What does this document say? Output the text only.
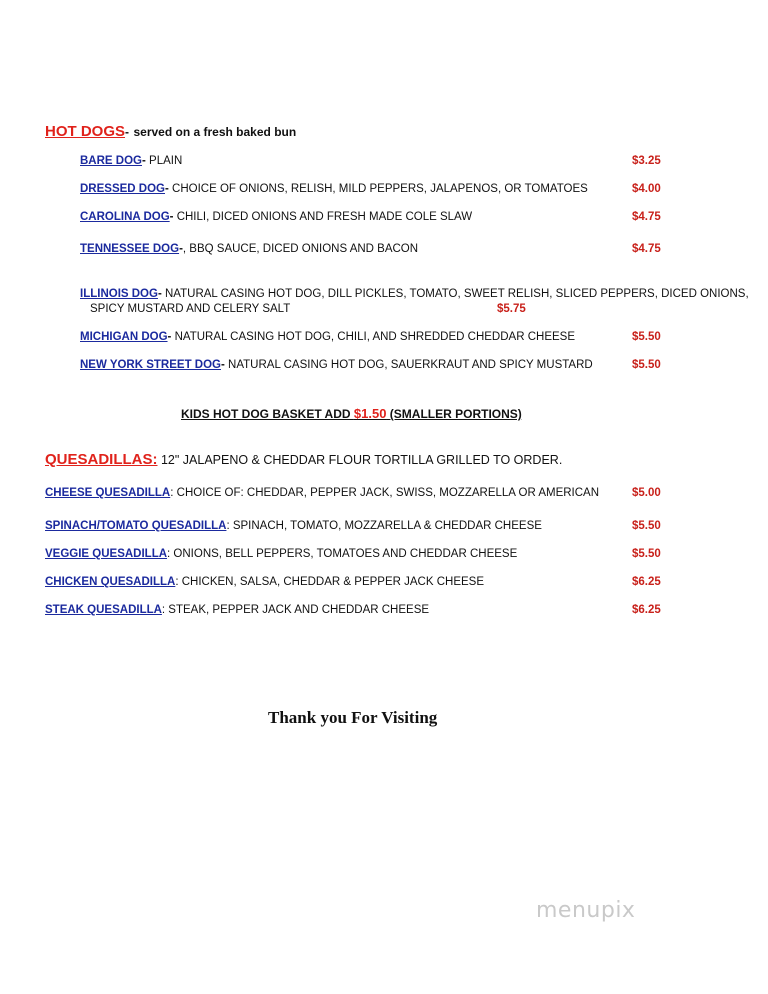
HOT DOGS- served on a fresh baked bun
BARE DOG- PLAIN	$3.25
DRESSED DOG- CHOICE OF ONIONS, RELISH, MILD PEPPERS, JALAPENOS, OR TOMATOES	$4.00
CAROLINA DOG- CHILI, DICED ONIONS AND FRESH MADE COLE SLAW	$4.75
TENNESSEE DOG-, BBQ SAUCE, DICED ONIONS AND BACON	$4.75
ILLINOIS DOG- NATURAL CASING HOT DOG, DILL PICKLES, TOMATO, SWEET RELISH, SLICED PEPPERS, DICED ONIONS,
SPICY MUSTARD AND CELERY SALT	$5.75
MICHIGAN DOG- NATURAL CASING HOT DOG, CHILI, AND SHREDDED CHEDDAR CHEESE	$5.50
NEW YORK STREET DOG- NATURAL CASING HOT DOG, SAUERKRAUT AND SPICY MUSTARD	$5.50
KIDS HOT DOG BASKET ADD $1.50 (SMALLER PORTIONS)
QUESADILLAS: 12" JALAPENO & CHEDDAR FLOUR TORTILLA GRILLED TO ORDER.
CHEESE QUESADILLA: CHOICE OF: CHEDDAR, PEPPER JACK, SWISS, MOZZARELLA OR AMERICAN	$5.00
SPINACH/TOMATO QUESADILLA: SPINACH, TOMATO, MOZZARELLA & CHEDDAR CHEESE	$5.50
VEGGIE QUESADILLA: ONIONS, BELL PEPPERS, TOMATOES AND CHEDDAR CHEESE	$5.50
CHICKEN QUESADILLA: CHICKEN, SALSA, CHEDDAR & PEPPER JACK CHEESE	$6.25
STEAK QUESADILLA: STEAK, PEPPER JACK AND CHEDDAR CHEESE	$6.25
Thank you For Visiting
menupix
